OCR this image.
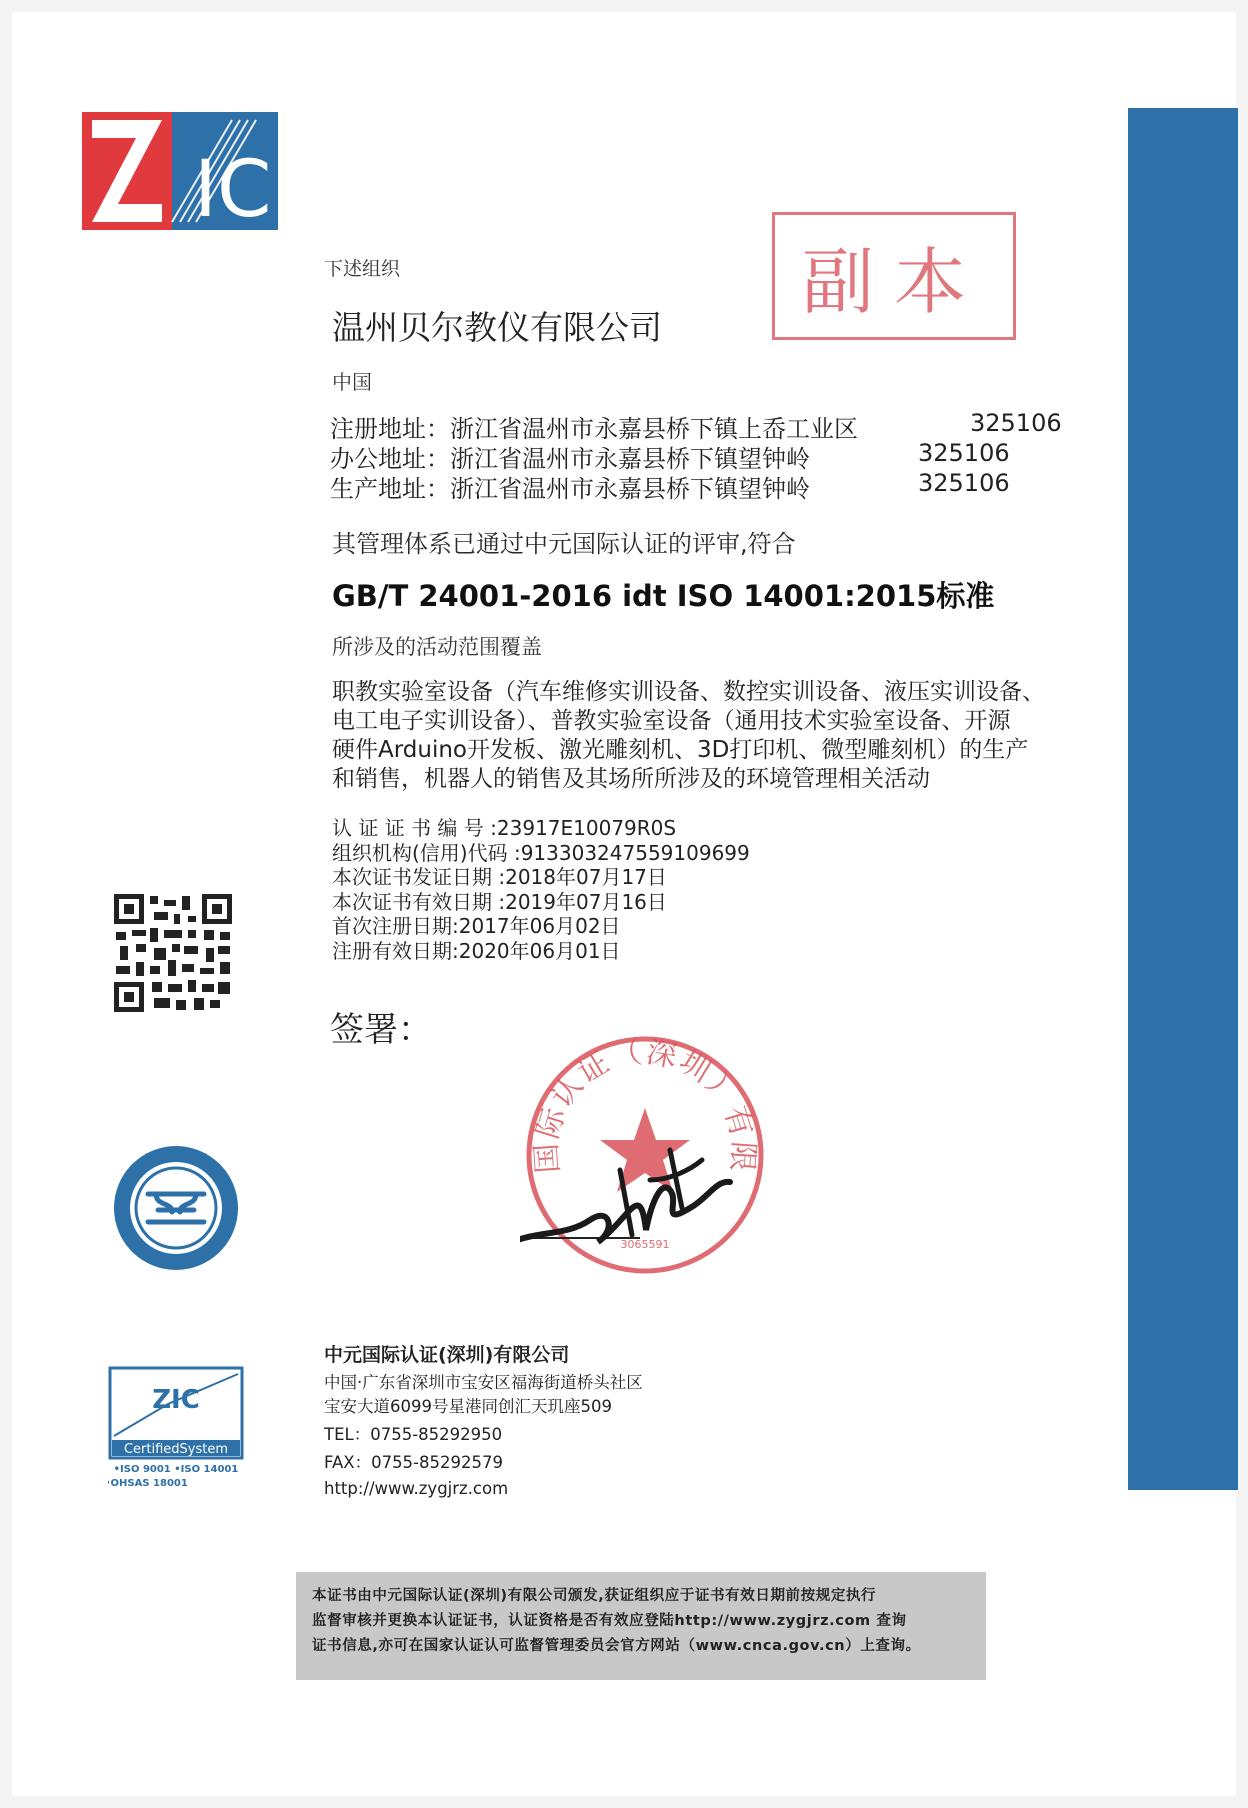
IC
副本
下述组织
温州贝尔教仪有限公司
中国
注册地址：浙江省温州市永嘉县桥下镇上岙工业区	325106
办公地址：浙江省温州市永嘉县桥下镇望钟岭	325106
生产地址：浙江省温州市永嘉县桥下镇望钟岭	325106
其管理体系已通过中元国际认证的评审,符合
GB/T 24001-2016 idt ISO 14001:2015标准
所涉及的活动范围覆盖
职教实验室设备（汽车维修实训设备、数控实训设备、液压实训设备、
电工电子实训设备）、普教实验室设备（通用技术实验室设备、开源
硬件Arduino开发板、激光雕刻机、3D打印机、微型雕刻机）的生产
和销售，机器人的销售及其场所所涉及的环境管理相关活动
认 证 证 书 编 号 :23917E10079R0S
组织机构(信用)代码 :913303247559109699
本次证书发证日期 :2018年07月17日
本次证书有效日期 :2019年07月16日
首次注册日期:2017年06月02日
注册有效日期:2020年06月01日
签署：
国际认证（深圳）有限
3065591
中元国际认证(深圳)有限公司
中国·广东省深圳市宝安区福海街道桥头社区
宝安大道6099号星港同创汇天玑座509
TEL：0755-85292950
FAX：0755-85292579
http://www.zygjrz.com
ZIC
CertifiedSystem
•ISO 9001 •ISO 14001
•OHSAS 18001
本证书由中元国际认证(深圳)有限公司颁发,获证组织应于证书有效日期前按规定执行
监督审核并更换本认证证书，认证资格是否有效应登陆http://www.zygjrz.com 查询
证书信息,亦可在国家认证认可监督管理委员会官方网站（www.cnca.gov.cn）上查询。
